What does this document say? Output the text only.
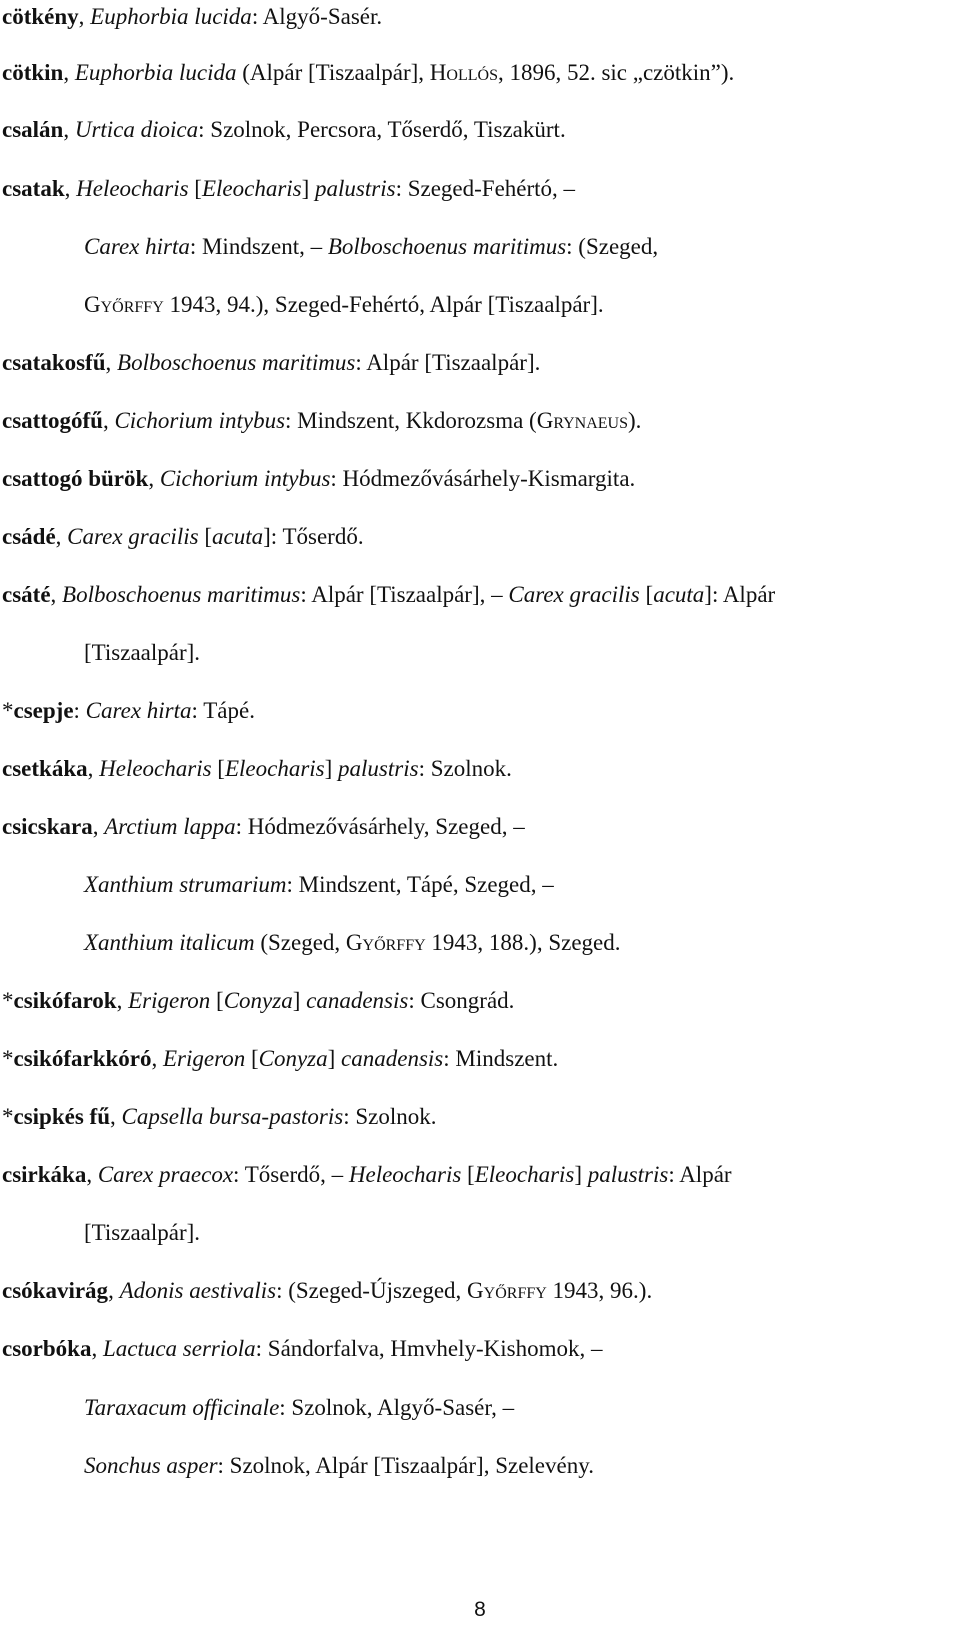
cötkény, Euphorbia lucida: Algyő-Sasér.
cötkin, Euphorbia lucida (Alpár [Tiszaalpár], Hollós, 1896, 52. sic „czötkin”).
csalán, Urtica dioica: Szolnok, Percsora, Tőserdő, Tiszakürt.
csatak, Heleocharis [Eleocharis] palustris: Szeged-Fehértó, –
Carex hirta: Mindszent, – Bolboschoenus maritimus: (Szeged,
Győrffy 1943, 94.), Szeged-Fehértó, Alpár [Tiszaalpár].
csatakosfű, Bolboschoenus maritimus: Alpár [Tiszaalpár].
csattogófű, Cichorium intybus: Mindszent, Kkdorozsma (Grynaeus).
csattogó bürök, Cichorium intybus: Hódmezővásárhely-Kismargita.
csádé, Carex gracilis [acuta]: Tőserdő.
csáté, Bolboschoenus maritimus: Alpár [Tiszaalpár], – Carex gracilis [acuta]: Alpár
[Tiszaalpár].
*csepje: Carex hirta: Tápé.
csetkáka, Heleocharis [Eleocharis] palustris: Szolnok.
csicskara, Arctium lappa: Hódmezővásárhely, Szeged, –
Xanthium strumarium: Mindszent, Tápé, Szeged, –
Xanthium italicum (Szeged, Győrffy 1943, 188.), Szeged.
*csikófarok, Erigeron [Conyza] canadensis: Csongrád.
*csikófarkkóró, Erigeron [Conyza] canadensis: Mindszent.
*csipkés fű, Capsella bursa-pastoris: Szolnok.
csirkáka, Carex praecox: Tőserdő, – Heleocharis [Eleocharis] palustris: Alpár
[Tiszaalpár].
csókavirág, Adonis aestivalis: (Szeged-Újszeged, Győrffy 1943, 96.).
csorbóka, Lactuca serriola: Sándorfalva, Hmvhely-Kishomok, –
Taraxacum officinale: Szolnok, Algyő-Sasér, –
Sonchus asper: Szolnok, Alpár [Tiszaalpár], Szelevény.
8
